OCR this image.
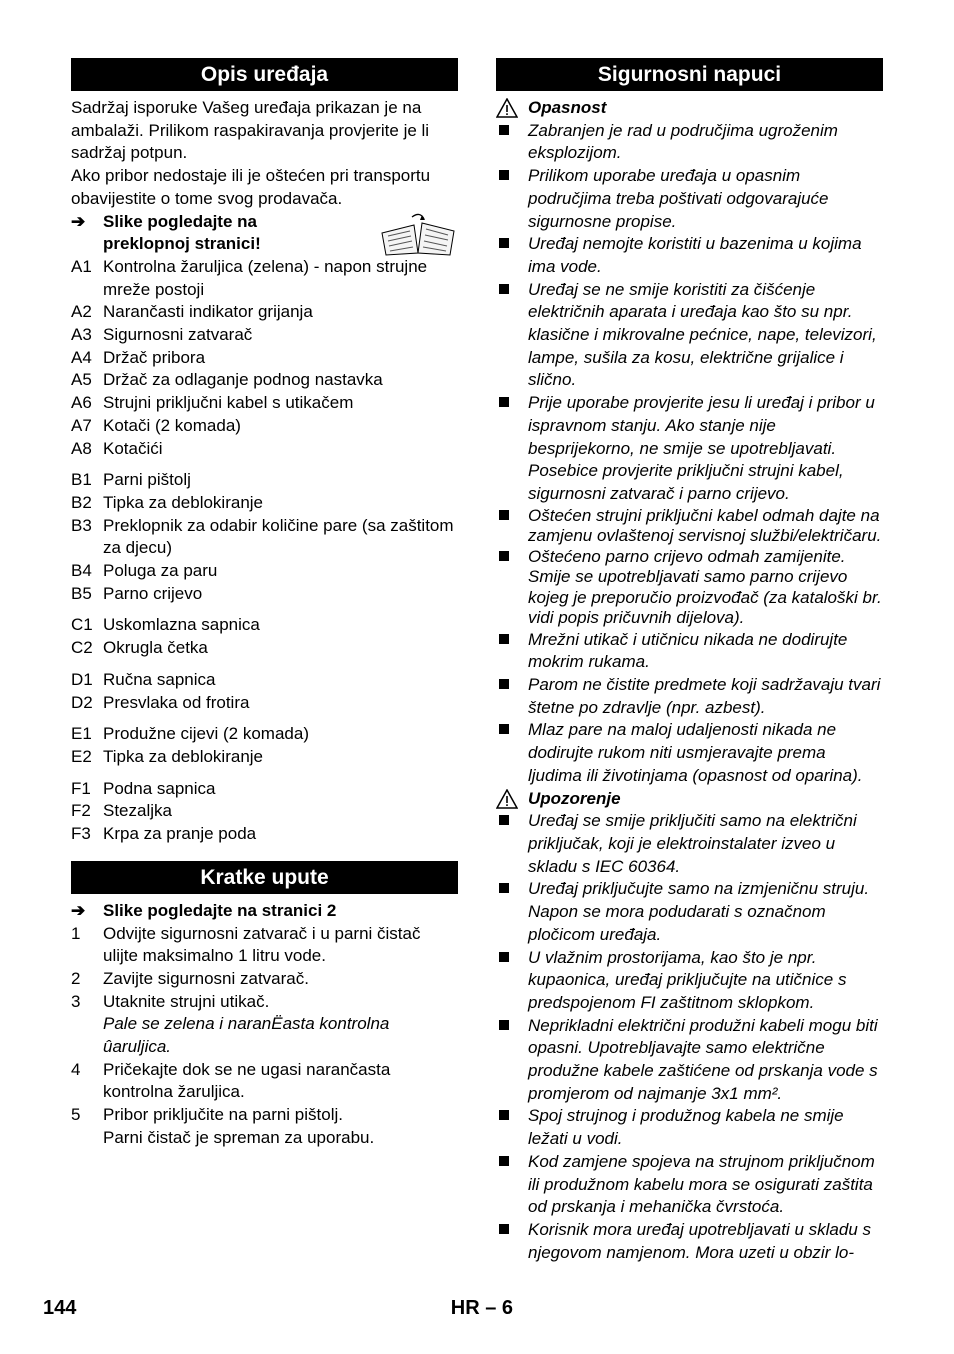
Opis uređaja

Sadržaj isporuke Vašeg uređaja prikazan je na ambalaži. Prilikom raspakiravanja provjerite je li sadržaj potpun.

Ako pribor nedostaje ili je oštećen pri transportu obavijestite o tome svog prodavača.

➔	Slike pogledajte na preklopnoj stranici!
A1 Kontrolna žaruljica (zelena) - napon strujne mreže postoji
A2 Narančasti indikator grijanja
A3 Sigurnosni zatvarač
A4 Držač pribora
A5 Držač za odlaganje podnog nastavka
A6 Strujni priključni kabel s utikačem
A7 Kotači (2 komada)
A8 Kotačići
B1 Parni pištolj
B2 Tipka za deblokiranje
B3 Preklopnik za odabir količine pare (sa zaštitom za djecu)
B4 Poluga za paru
B5 Parno crijevo
C1 Uskomlazna sapnica
C2 Okrugla četka
D1 Ručna sapnica
D2 Presvlaka od frotira
E1 Produžne cijevi (2 komada)
E2 Tipka za deblokiranje
F1 Podna sapnica
F2 Stezaljka
F3 Krpa za pranje poda
Kratke upute
➔	Slike pogledajte na stranici 2
1	Odvijte sigurnosni zatvarač i u parni čistač ulijte maksimalno 1 litru vode.
2	Zavijte sigurnosni zatvarač.
3	Utaknite strujni utikač.
Pale se zelena i naranËasta kontrolna ûaruljica.
4	Pričekajte dok se ne ugasi narančasta kontrolna žaruljica.
5	Pribor priključite na parni pištolj.
Parni čistač je spreman za uporabu.
Sigurnosni napuci
Opasnost
Zabranjen je rad u područjima ugroženim eksplozijom.
Prilikom uporabe uređaja u opasnim područjima treba poštivati odgovarajuće sigurnosne propise.
Uređaj nemojte koristiti u bazenima u kojima ima vode.
Uređaj se ne smije koristiti za čišćenje električnih aparata i uređaja kao što su npr. klasične i mikrovalne pećnice, nape, televizori, lampe, sušila za kosu, električne grijalice i slično.
Prije uporabe provjerite jesu li uređaj i pribor u ispravnom stanju. Ako stanje nije besprijekorno, ne smije se upotrebljavati. Posebice provjerite priključni strujni kabel, sigurnosni zatvarač i parno crijevo.
Oštećen strujni priključni kabel odmah dajte na zamjenu ovlaštenoj servisnoj službi/električaru.
Oštećeno parno crijevo odmah zamijenite. Smije se upotrebljavati samo parno crijevo kojeg je preporučio proizvođač (za kataloški br. vidi popis pričuvnih dijelova).
Mrežni utikač i utičnicu nikada ne dodirujte mokrim rukama.
Parom ne čistite predmete koji sadržavaju tvari štetne po zdravlje (npr. azbest).
Mlaz pare na maloj udaljenosti nikada ne dodirujte rukom niti usmjeravajte prema ljudima ili životinjama (opasnost od oparina).
Upozorenje
Uređaj se smije priključiti samo na električni priključak, koji je elektroinstalater izveo u skladu s IEC 60364.
Uređaj priključujte samo na izmjeničnu struju. Napon se mora podudarati s označnom pločicom uređaja.
U vlažnim prostorijama, kao što je npr. kupaonica, uređaj priključujte na utičnice s predspojenom FI zaštitnom sklopkom.
Neprikladni električni produžni kabeli mogu biti opasni. Upotrebljavajte samo električne produžne kabele zaštićene od prskanja vode s promjerom od najmanje 3x1 mm².
Spoj strujnog i produžnog kabela ne smije ležati u vodi.
Kod zamjene spojeva na strujnom priključnom ili produžnom kabelu mora se osigurati zaštita od prskanja i mehanička čvrstoća.
Korisnik mora uređaj upotrebljavati u skladu s njegovom namjenom. Mora uzeti u obzir lo-
144	HR – 6
